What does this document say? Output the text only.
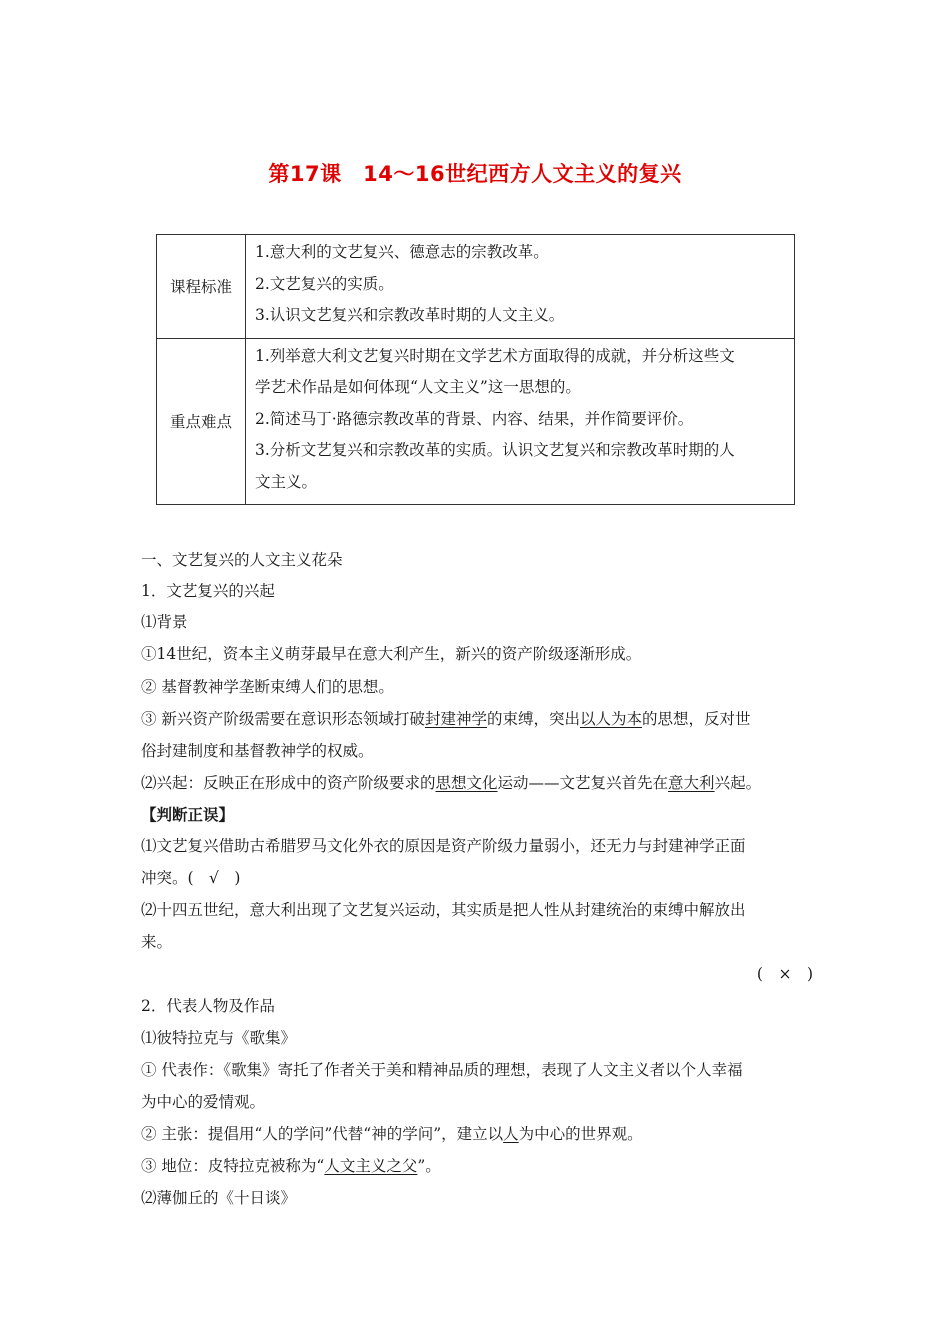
第17课　14～16世纪西方人文主义的复兴
课程标准	1.意大利的文艺复兴、德意志的宗教改革。
2.文艺复兴的实质。
3.认识文艺复兴和宗教改革时期的人文主义。

重点难点	1.列举意大利文艺复兴时期在文学艺术方面取得的成就，并分析这些文
学艺术作品是如何体现“人文主义”这一思想的。
2.简述马丁·路德宗教改革的背景、内容、结果，并作简要评价。
3.分析文艺复兴和宗教改革的实质。认识文艺复兴和宗教改革时期的人
文主义。
一、文艺复兴的人文主义花朵
1．文艺复兴的兴起
⑴背景
①14世纪，资本主义萌芽最早在意大利产生，新兴的资产阶级逐渐形成。
② 基督教神学垄断束缚人们的思想。
③ 新兴资产阶级需要在意识形态领域打破封建神学的束缚，突出以人为本的思想，反对世
俗封建制度和基督教神学的权威。
⑵兴起：反映正在形成中的资产阶级要求的思想文化运动——文艺复兴首先在意大利兴起。
【判断正误】
⑴文艺复兴借助古希腊罗马文化外衣的原因是资产阶级力量弱小，还无力与封建神学正面
冲突。(　√　)
⑵十四五世纪，意大利出现了文艺复兴运动，其实质是把人性从封建统治的束缚中解放出
来。
(　×　)
2．代表人物及作品
⑴彼特拉克与《歌集》
① 代表作：《歌集》寄托了作者关于美和精神品质的理想，表现了人文主义者以个人幸福
为中心的爱情观。
② 主张：提倡用“人的学问”代替“神的学问”，建立以人为中心的世界观。
③ 地位：皮特拉克被称为“人文主义之父”。
⑵薄伽丘的《十日谈》
